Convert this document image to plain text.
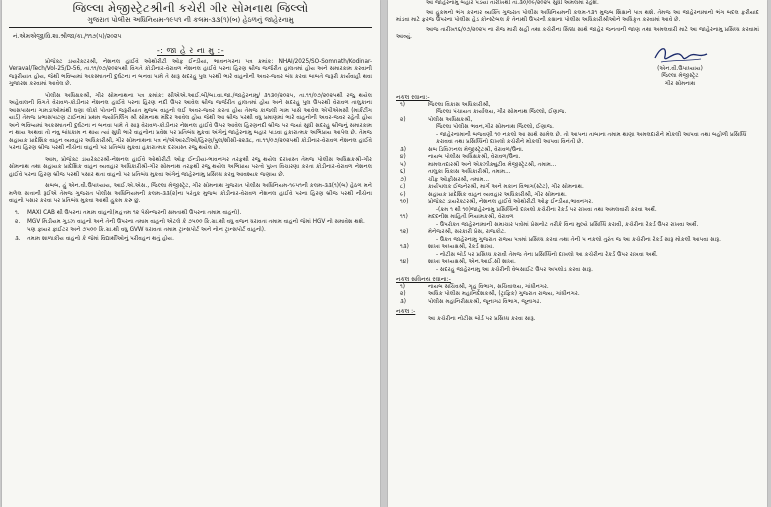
જિલ્લા મેજીસ્ટ્રેટશ્રીની કચેરી ગીર સોમનાથ જિલ્લો
ગુજરાત પોલીસ અધિનિયમ-૧૯૫૧ ની કલમ-૩૩(૧)(બ) હેઠળનું જાહેરનામુ
નં.એમએજી/વિ.શા.શ્રીજા/કા./૧૧૭(૫)/૨૦૨૫
-: જા હે ર ના મુ :-

પ્રોજેક્ટ ડાયરેક્ટરશ્રી, નેશનલ હાઈવે ઓથોરીટી ઓફ ઈન્ડીયા, ભાવનગરના પત્ર ક્રમાંક: NHAI/2025/SO-Somnath/Kodinar-Veraval/Tech/Vol-25/D-56, તા.૧૧/૦૭/૨૦૨૫થી વિગતે કોડીનાર-વેરાવળ નેશનલ હાઈવે પરના હિરણ બ્રીજ જર્જરીત હાલતમાં હોય અને સમારકામ કરવાની જરૂરીયાત હોય, જેથી ભવિષ્યમાં અકસ્માતની દુર્ઘટના ન બનવા પામે તે સારૂ સદરહુ પુલ પરથી ભારે વાહનોની અવર-જવર બંધ કરવા બાબતે જરૂરી કાર્યવાહી થવા ગુજારશ કરવામાં આવેલ છે.

પોલીસ અધિક્ષકશ્રી, ગીર સોમનાથના પત્ર ક્રમાંક: સીએએ.આઈ.બી/બા.વા.જા./જાહેરનામુ/ ૩૧૩૦/૨૦૨૫, તા.૧૧/૦૭/૨૦૨૫થી રજુ થયેલ અહેવાલની વિગતે વેરાવળ-કોડીનાર નેશનલ હાઈવે પરના હિરણ નદી ઉપર આવેલ બ્રીજ જર્જરીત હાલતમાં હોય અને સદરહુ પુલ ઉપરથી વેરાવળ તાલુકાના આસપાસના ગામડાઓમાંથી ઘણા લોકો પોતાની જરૂરીયાત મુજબ વાહનો લઈ અવર-જવર કરતા હોય તેમજ કાજલી ગામ પાસે આવેલ એપીએમસી (માર્કેટીંગ યાર્ડ) તેમજ પ્રભાસપાટણ ટાઈનમાં પ્રથમ જ્યોતિર્લિંગ શ્રી સોમનાથ મંદિર આવેલ હોય જેથી આ બ્રીજ પરથી વધુ પ્રમાણમાં ભારે વાહનોની અવર-જવર રહેતી હોય અને ભવિષ્યમાં અકસ્માતની દુર્ઘટના ન બનવા પામે તે સારૂ વેરાવળ-કોડીનાર નેશનલ હાઈવે ઉપર આવેલ હિરણનદી બ્રીજ પર જયાં સુધી સદરહુ બ્રીજનું સમારકામ ન થાય અથવા તો નવુ બાંધકામ ન થાય ત્યાં સુધી ભારે વાહનોના પ્રવેશ પર પ્રતિબંધ મુકવા અંગેનું જાહેરનામુ બહાર પાડવા હકારાત્મક અભિપ્રાય આપેલ છે. તેમજ સહાયક પ્રાદેશિક વાહન વ્યવહાર અધિકારીશ્રી, ગીર સોમનાથના પત્ર નં/એઆરટીઓ/હિરણ/પુલ/શીસી-૨૨૩૮, તા.૧૧/૦૭/૨૦૨૫થી કોડીનાર-વેરાવળ નેશનલ હાઈવે પરના હિરણ બ્રીજ પરથી નીચેના વાહનો પર પ્રતિબંધ મુકવા હકારાત્મક દરખાસ્ત રજુ થયેલ છે.

આમ, પ્રોજેક્ટ ડાયરેક્ટરશ્રી-નેશનલ હાઈવે ઓથોરીટી ઓફ ઈન્ડીયા-ભાવનગર તરફથી રજુ થયેલ દરખાસ્ત તેમજ પોલીસ અધિક્ષકશ્રી-ગીર સોમનાથ તથા સહાયક પ્રાદેશિક વાહન વ્યવહાર અધિકારીશ્રી-ગીર સોમનાથ તરફથી રજુ થયેલ અભિપ્રાય પરત્વે પુખ્ત વિચારણા કરતા કોડીનાર-વેરાવળ નેશનલ હાઈવે પરના હિરણ બ્રીજ પરથી પસાર થતા વાહનો પર પ્રતિબંધ મુકવા અંગેનું જાહેરનામુ પ્રસિધ્ધ કરવુ આવશ્યક જણાય છે.

સબબ, હું એન.વી.ઉપાધ્યાય, આઈ.એ.એસ., જિલ્લા મેજીસ્ટ્રેટ, ગીર સોમનાથ ગુજરાત પોલીસ અધિનિયમ-૧૯૫૧ની કલમ-૩૩(૧)(બ) હેઠળ મને મળેલ સત્તાની રૂઈએ તેમજ ગુજરાત પોલીસ અધિનિયમની કલમ-૩૩(૨)ના પરંતુક મુજબ કોડીનાર-વેરાવળ નેશનલ હાઈવે પરના હિરણ બ્રીજ પરથી નીચેના વાહનો પસાર કરવા પર પ્રતિબંધ મુકવા આથી હુકમ કરુ છુ.

૧.	MAXI CAB થી ઉપરના તમામ વાહનો(મહત્તમ ૧૨ પેસેન્જરની ક્ષમતાથી ઉપરના તમામ વાહનો).
૨.	MGV મિડીયમ ગુડઝ વાહનો અને તેની ઉપરના તમામ વાહનો એટલે કે ૭૫૦૦ કિ.ગ્રા.થી વધુ વજન ધરાવતા તમામ વાહનો જેમાં HGV નો સમાવેશ થશે. પણ ફાયર ફાઈટર અને ૭૫૦૦ કિ.ગ્રા.થી વધુ GVW ધરાવતા તમામ ટ્રાન્સપોર્ટ અને નોન ટ્રાન્સપોર્ટ વાહનો).
૩.	તમામ શાળાકીય વાહનો કે જેમાં વિદ્યાર્થીઓનું પરીવહન થતું હોય.

આ જાહેરનામુ બહાર પડયા તારીખથી તા.૩૦/૦૯/૨૦૨૫ સુધી અમલમાં રહેશે.

આ હુકમનો ભંગ કરનાર વ્યક્તિ ગુજરાત પોલીસ અધિનિયમની કલમ-૧૩૧ મુજબ શિક્ષાને પાત્ર થશે. તેમજ આ જાહેરનામાનો ભંગ બદલ ફરીયાદ માંડવા માટે ફરજ ઉપરના પોલીસ હેડ કોન્સ્ટેબલ કે તેનાથી ઉપરની કક્ષાના પોલીસ અધિકારીશ્રીઓને અધિકૃત કરવામાં આવે છે.

આજ તારીખ૧૬/૦૭/૨૦૨૫ ના રોજ મારી સહી તથા કચેરીના સિક્કા સાથે જાહેર જનતાની જાણ તથા અમલવારી માટે આ જાહેરનામુ પ્રસિધ્ધ કરવામાં આવ્યું.

(એન.વી.ઉપાધ્યાય)
જિલ્લા મેજીસ્ટ્રેટ
ગીર સોમનાથ
નકલ રવાના:-
૧)	જિલ્લા વિકાસ અધિકારીશ્રી,
જિલ્લા પંચાયત કાર્યાલય, ગીર સોમનાથ જિલ્લો, ઈણાજ.
૨)	પોલીસ અધિક્ષકશ્રી,
જિલ્લા પોલીસ ભવન,ગીર સોમનાથ જિલ્લો, ઈણાજ.
- જાહેરનામાની બજવણી ૧૦ નકલો આ સાથે સામેલ છે. તો આપના તાબાના તમામ થાણા અમલદારોને મોકલી આપવા તથા બહોળી પ્રસિધ્ધિ કરાવવા તથા પ્રસિધ્ધિનો દાખલો કચેરીને મોકલી આપવા વિનંતી છે.
૩)	સબ ડિવિઝનલ મેજીસ્ટ્રેટશ્રી, વેરાવળ/ઉના.
૪)	નાયબ પોલીસ અધિક્ષકશ્રી, વેરાવળ/ઉના.
૫)	મામલતદારશ્રી અને એક્ઝીક્યુટીવ મેજીસ્ટ્રેટશ્રી, તમામ...
૬)	તાલુકા વિકાસ અધિકારીશ્રી, તમામ...
૭)	ચીફ ઓફીસરશ્રી, તમામ...
૮)	કાર્યપાલક ઈજનેરશ્રી, માર્ગ અને મકાન વિભાગ(સ્ટેટ), ગીર સોમનાથ.
૯)	સહાયક પ્રાદેશિક વાહન વ્યવહાર અધિકારીશ્રી, ગીર સોમનાથ.
૧૦)	પ્રોજેક્ટ ડાયરેક્ટરશ્રી, નેશનલ હાઈવે ઓથોરીટી ઓફ ઈન્ડીયા,ભાવનગર.
-(ક્રમ ૧ થી ૧૦)જાહેરનામુ પ્રસિધ્ધિનો દાખલો કચેરીના રેકર્ડ પર રાખવા તથા અમલવારી કરવા અર્થે.
૧૧)	મદદનીશ માહિતી નિયામકશ્રી, વેરાવળ
- ઉપરોક્ત જાહેરનામાની સમાચાર પત્રોમાં પ્રેસનોટ તરીકે વિના મુલ્યે પ્રસિધ્ધિ કરાવી, કચેરીના રેકર્ડ ઉપર રાખવા અર્થે.
૧૨)	મેનેજરશ્રી, સરકારી પ્રેસ, રાજકોટ.
- ઉક્ત જાહેરનામુ ગુજરાત રાજ્ય પત્રમાં પ્રસિધ્ધ કરવા તથા તેની ૫ નકલો તુરંત જ આ કચેરીના રેકર્ડ સારૂ મોકલી આપવા સારૂ.
૧૩)	શાખા અધ્યક્ષશ્રી, રેકર્ડ શાખા.
- નોટીસ બોર્ડ પર પ્રસિધ્ધ કરાવી તેમજ તેના પ્રસિધ્ધિનો દાખલો આ કચેરીના રેકર્ડ ઉપર રાખવા અર્થે.
૧૪)	શાખા અધ્યક્ષશ્રી, એન.આઈ.સી શાખા.
- સદરહુ જાહેરનામુ આ કચેરીની વેબસાઈટ ઉપર અપલોડ કરવા સારૂ.
નકલ સવિનય રવાના:-
૧)	નાયબ સચિવશ્રી, ગૃહ વિભાગ, સચિવાલય, ગાંધીનગર.
૨)	અધિક પોલીસ મહાનિર્દેશકશ્રી, (ટ્રાફિક) ગુજરાત રાજ્ય, ગાંધીનગર.
૩)	પોલીસ મહાનિરીક્ષકશ્રી, જૂનાગઢ વિભાગ, જૂનાગઢ.
નકલ :-
આ કચેરીના નોટીસ બોર્ડ પર પ્રસિધ્ધ કરવા સારૂ.
